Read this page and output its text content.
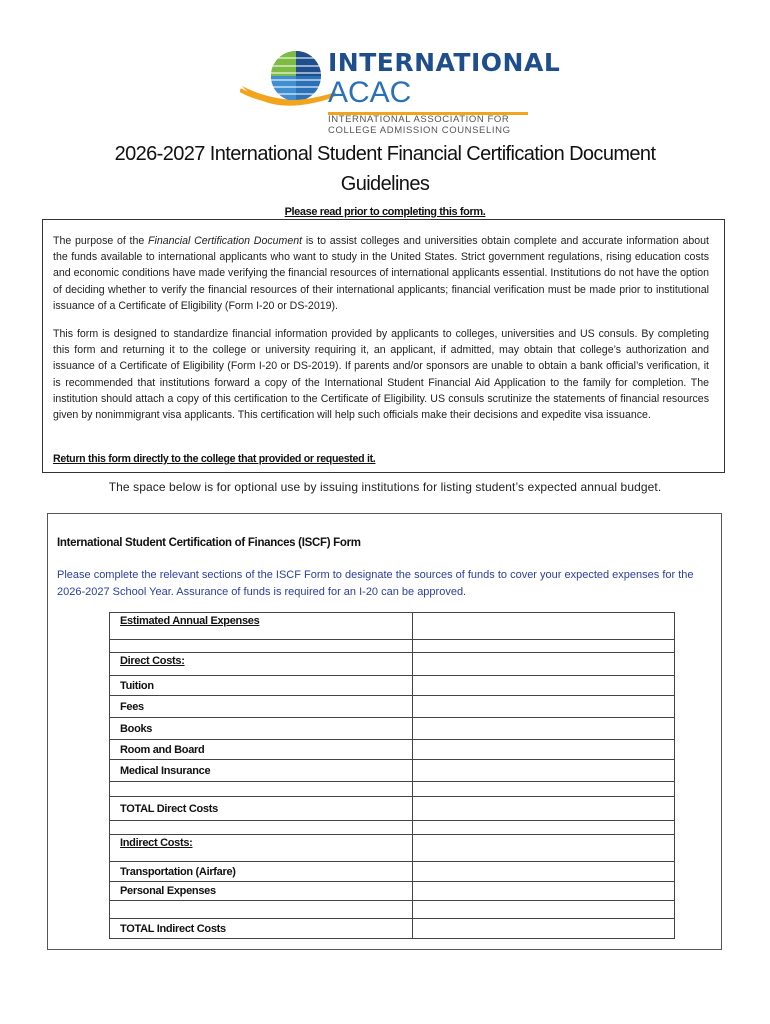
INTERNATIONAL
ACAC
INTERNATIONAL ASSOCIATION FOR
COLLEGE ADMISSION COUNSELING
2026-2027 International Student Financial Certification Document
Guidelines
Please read prior to completing this form.
The purpose of the Financial Certification Document is to assist colleges and universities obtain complete and accurate information about the funds available to international applicants who want to study in the United States. Strict government regulations, rising education costs and economic conditions have made verifying the financial resources of international applicants essential. Institutions do not have the option of deciding whether to verify the financial resources of their international applicants; financial verification must be made prior to institutional issuance of a Certificate of Eligibility (Form I-20 or DS-2019).
This form is designed to standardize financial information provided by applicants to colleges, universities and US consuls. By completing this form and returning it to the college or university requiring it, an applicant, if admitted, may obtain that college’s authorization and issuance of a Certificate of Eligibility (Form I-20 or DS-2019). If parents and/or sponsors are unable to obtain a bank official’s verification, it is recommended that institutions forward a copy of the International Student Financial Aid Application to the family for completion. The institution should attach a copy of this certification to the Certificate of Eligibility. US consuls scrutinize the statements of financial resources given by nonimmigrant visa applicants. This certification will help such officials make their decisions and expedite visa issuance.
Return this form directly to the college that provided or requested it.
The space below is for optional use by issuing institutions for listing student’s expected annual budget.
International Student Certification of Finances (ISCF) Form
Please complete the relevant sections of the ISCF Form to designate the sources of funds to cover your expected expenses for the 2026-2027 School Year. Assurance of funds is required for an I-20 can be approved.
Estimated Annual Expenses	

Direct Costs:	
Tuition	
Fees	
Books	
Room and Board	
Medical Insurance	

TOTAL Direct Costs	

Indirect Costs:	
Transportation (Airfare)	
Personal Expenses	

TOTAL Indirect Costs	
